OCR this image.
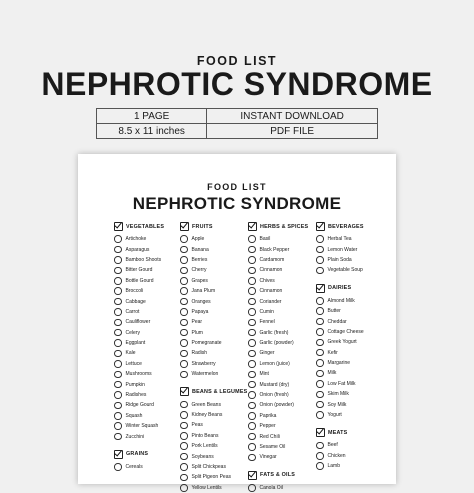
FOOD LIST
NEPHROTIC SYNDROME
1 PAGE	INSTANT DOWNLOAD
8.5 x 11 inches	PDF FILE
FOOD LIST
NEPHROTIC SYNDROME
VEGETABLES
Artichoke
Asparagus
Bamboo Shoots
Bitter Gourd
Bottle Gourd
Broccoli
Cabbage
Carrot
Cauliflower
Celery
Eggplant
Kale
Lettuce
Mushrooms
Pumpkin
Radishes
Ridge Gourd
Squash
Winter Squash
Zucchini
GRAINS
Cereals
FRUITS
Apple
Banana
Berries
Cherry
Grapes
Jana Plum
Oranges
Papaya
Pear
Plum
Pomegranate
Radish
Strawberry
Watermelon
BEANS & LEGUMES
Green Beans
Kidney Beans
Peas
Pinto Beans
Pork Lentils
Soybeans
Split Chickpeas
Split Pigeon Peas
Yellow Lentils
HERBS & SPICES
Basil
Black Pepper
Cardamom
Cinnamon
Chives
Cinnamon
Coriander
Cumin
Fennel
Garlic (fresh)
Garlic (powder)
Ginger
Lemon (juice)
Mint
Mustard (dry)
Onion (fresh)
Onion (powder)
Paprika
Pepper
Red Chili
Sesame Oil
Vinegar
FATS & OILS
Canola Oil
BEVERAGES
Herbal Tea
Lemon Water
Plain Soda
Vegetable Soup
DAIRIES
Almond Milk
Butter
Cheddar
Cottage Cheese
Greek Yogurt
Kefir
Margarine
Milk
Low Fat Milk
Skim Milk
Soy Milk
Yogurt
MEATS
Beef
Chicken
Lamb
